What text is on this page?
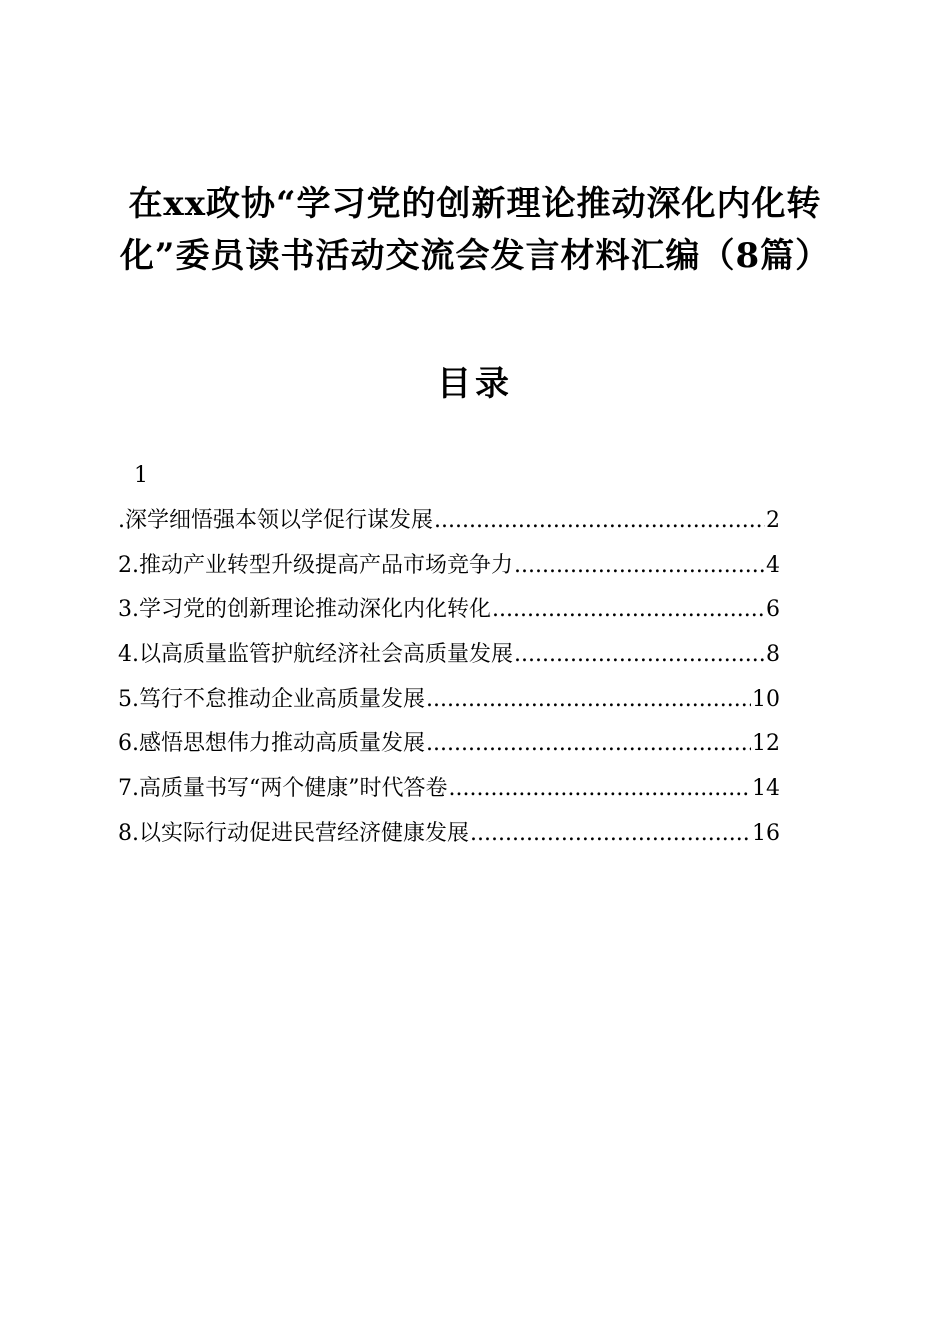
在xx政协“学习党的创新理论推动深化内化转化”委员读书活动交流会发言材料汇编（8篇）
目录
1
.深学细悟强本领以学促行谋发展 .....	2
2.推动产业转型升级提高产品市场竞争力 .....	4
3.学习党的创新理论推动深化内化转化 .....	6
4.以高质量监管护航经济社会高质量发展 .....	8
5.笃行不怠推动企业高质量发展 .....	10
6.感悟思想伟力推动高质量发展 .....	12
7.高质量书写“两个健康”时代答卷 .....	14
8.以实际行动促进民营经济健康发展 .....	16
